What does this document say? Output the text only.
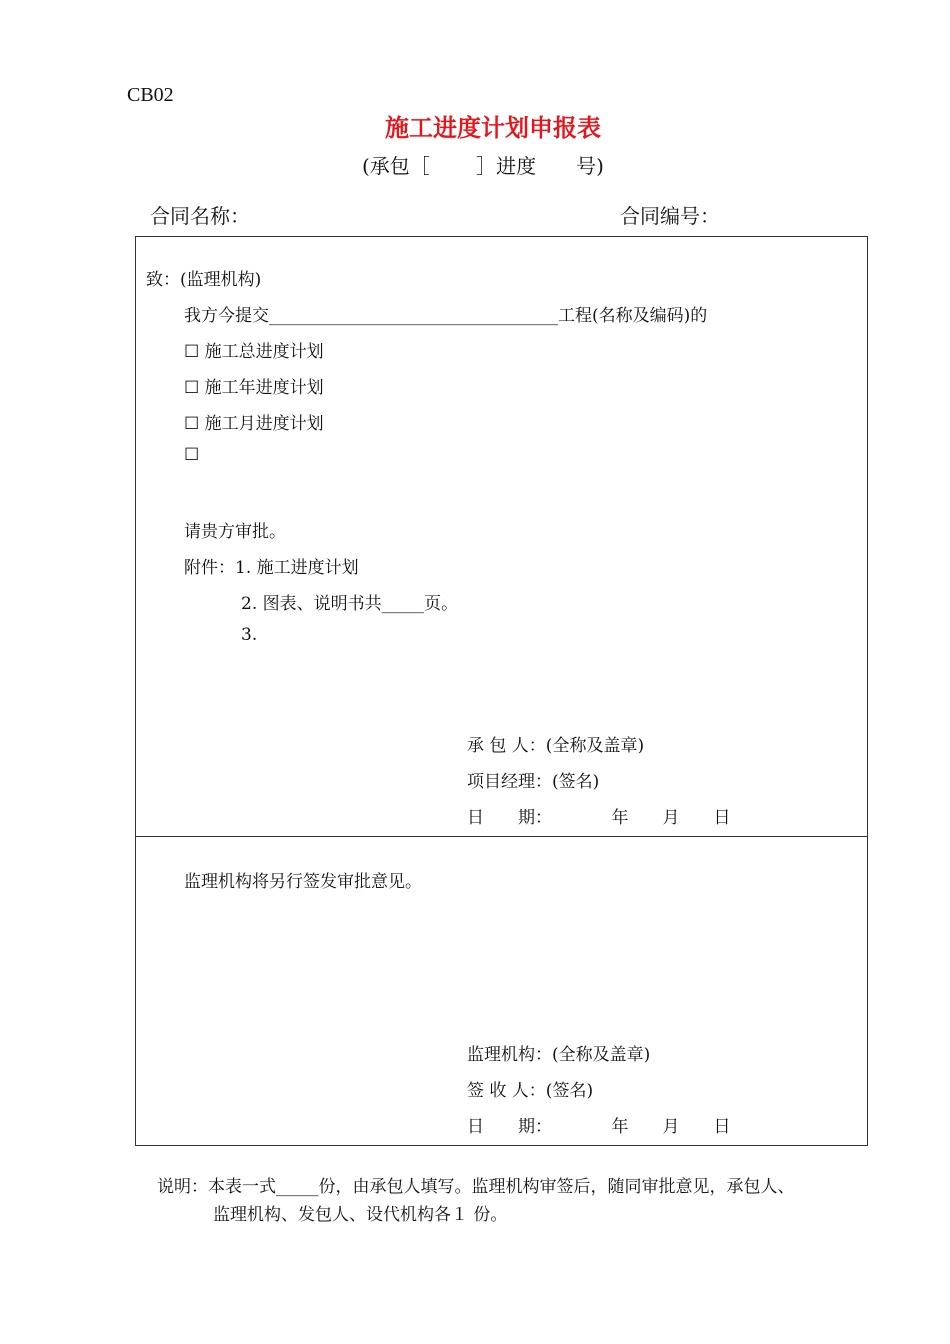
CB02
施工进度计划申报表
(承包［　　 ］进度　　号)
合同名称：	合同编号：
致：(监理机构)
我方今提交__________________________________工程(名称及编码)的
☐ 施工总进度计划
☐ 施工年进度计划
☐ 施工月进度计划
☐
请贵方审批。
附件：1. 施工进度计划
2. 图表、说明书共_____页。
3.
承 包 人：(全称及盖章)
项目经理：(签名)
日　　期：　　　　年　　月　　日
监理机构将另行签发审批意见。
监理机构：(全称及盖章)
签 收 人：(签名)
日　　期：　　　　年　　月　　日
说明：本表一式_____份，由承包人填写。监理机构审签后，随同审批意见，承包人、
监理机构、发包人、设代机构各１ 份。
